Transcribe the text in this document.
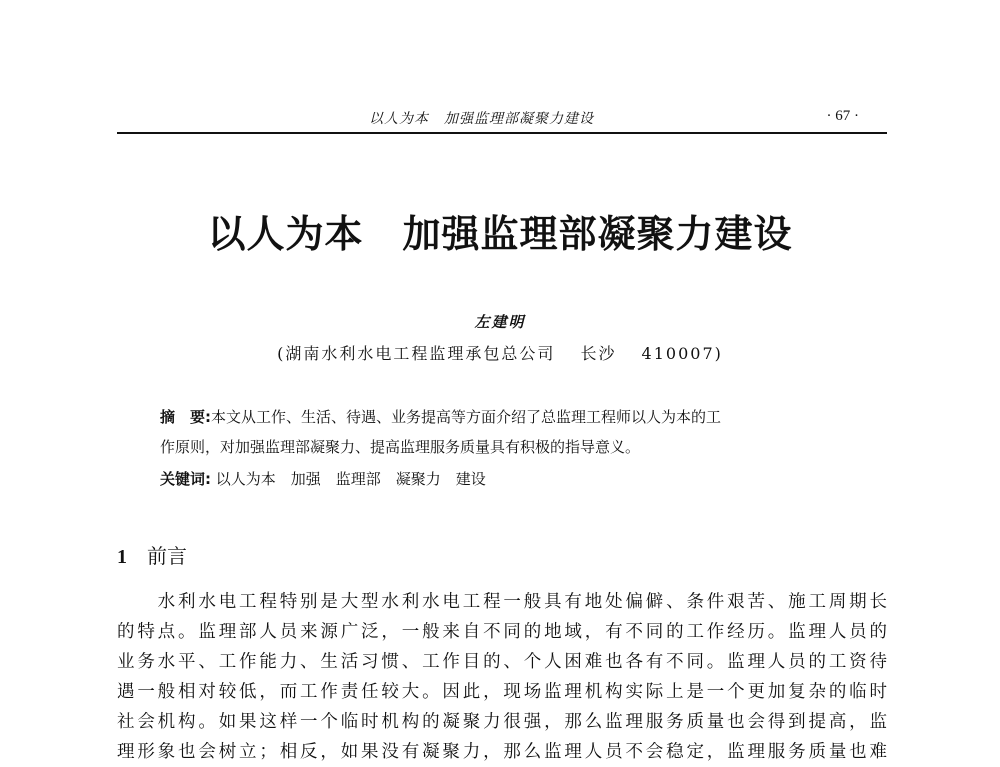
以人为本　加强监理部凝聚力建设	· 67 ·
以人为本　加强监理部凝聚力建设
左建明
(湖南水利水电工程监理承包总公司　 长沙　 410007)

摘　要:本文从工作、生活、待遇、业务提高等方面介绍了总监理工程师以人为本的工

作原则，对加强监理部凝聚力、提高监理服务质量具有积极的指导意义。

关键词: 以人为本　加强　监理部　凝聚力　建设
1 前言
　　水利水电工程特别是大型水利水电工程一般具有地处偏僻、条件艰苦、施工周期长
的特点。监理部人员来源广泛，一般来自不同的地域，有不同的工作经历。监理人员的
业务水平、工作能力、生活习惯、工作目的、个人困难也各有不同。监理人员的工资待
遇一般相对较低，而工作责任较大。因此，现场监理机构实际上是一个更加复杂的临时
社会机构。如果这样一个临时机构的凝聚力很强，那么监理服务质量也会得到提高，监
理形象也会树立；相反，如果没有凝聚力，那么监理人员不会稳定，监理服务质量也难
